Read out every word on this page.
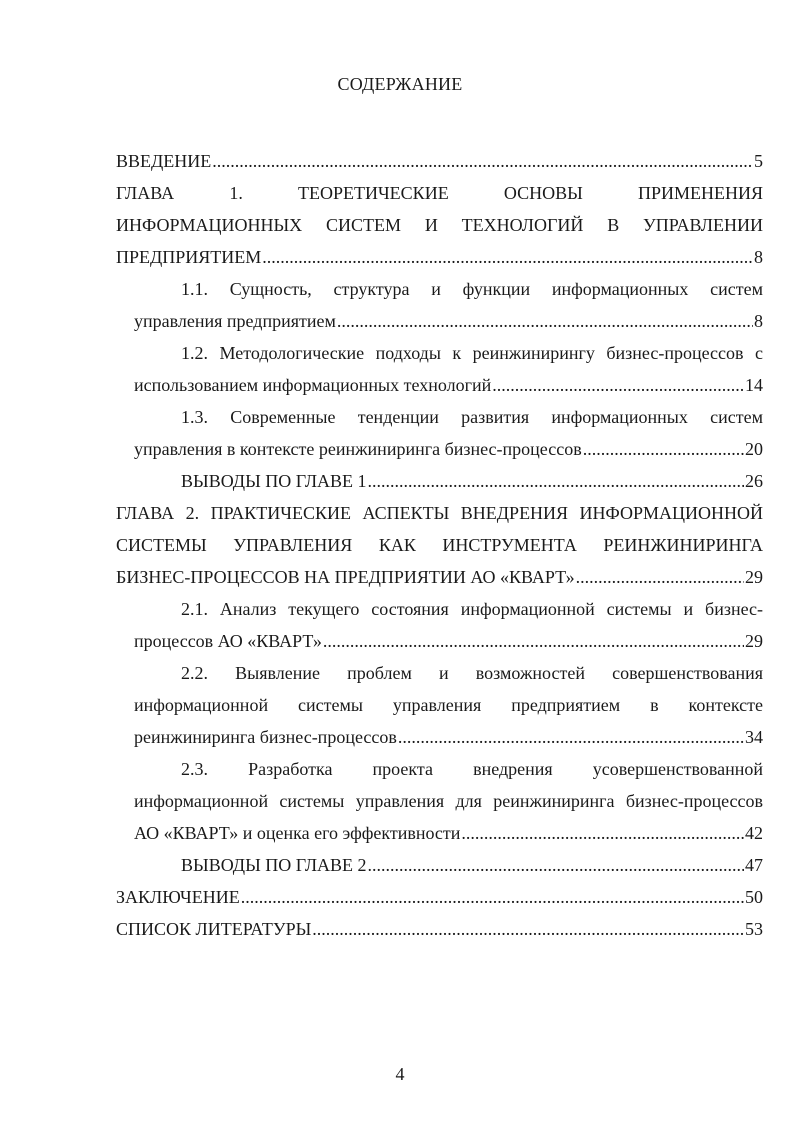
СОДЕРЖАНИЕ
ВВЕДЕНИЕ .....	5
ГЛАВА 1. ТЕОРЕТИЧЕСКИЕ ОСНОВЫ ПРИМЕНЕНИЯ
ИНФОРМАЦИОННЫХ СИСТЕМ И ТЕХНОЛОГИЙ В УПРАВЛЕНИИ
ПРЕДПРИЯТИЕМ .....	8
1.1. Сущность, структура и функции информационных систем
управления предприятием .....	8
1.2. Методологические подходы к реинжинирингу бизнес-процессов с
использованием информационных технологий .....	14
1.3. Современные тенденции развития информационных систем
управления в контексте реинжиниринга бизнес-процессов .....	20
ВЫВОДЫ ПО ГЛАВЕ 1 .....	26
ГЛАВА 2. ПРАКТИЧЕСКИЕ АСПЕКТЫ ВНЕДРЕНИЯ ИНФОРМАЦИОННОЙ
СИСТЕМЫ УПРАВЛЕНИЯ КАК ИНСТРУМЕНТА РЕИНЖИНИРИНГА
БИЗНЕС-ПРОЦЕССОВ НА ПРЕДПРИЯТИИ АО «КВАРТ» .....	29
2.1. Анализ текущего состояния информационной системы и бизнес-
процессов АО «КВАРТ» .....	29
2.2. Выявление проблем и возможностей совершенствования
информационной системы управления предприятием в контексте
реинжиниринга бизнес-процессов .....	34
2.3. Разработка проекта внедрения усовершенствованной
информационной системы управления для реинжиниринга бизнес-процессов
АО «КВАРТ» и оценка его эффективности .....	42
ВЫВОДЫ ПО ГЛАВЕ 2 .....	47
ЗАКЛЮЧЕНИЕ .....	50
СПИСОК ЛИТЕРАТУРЫ .....	53
4
